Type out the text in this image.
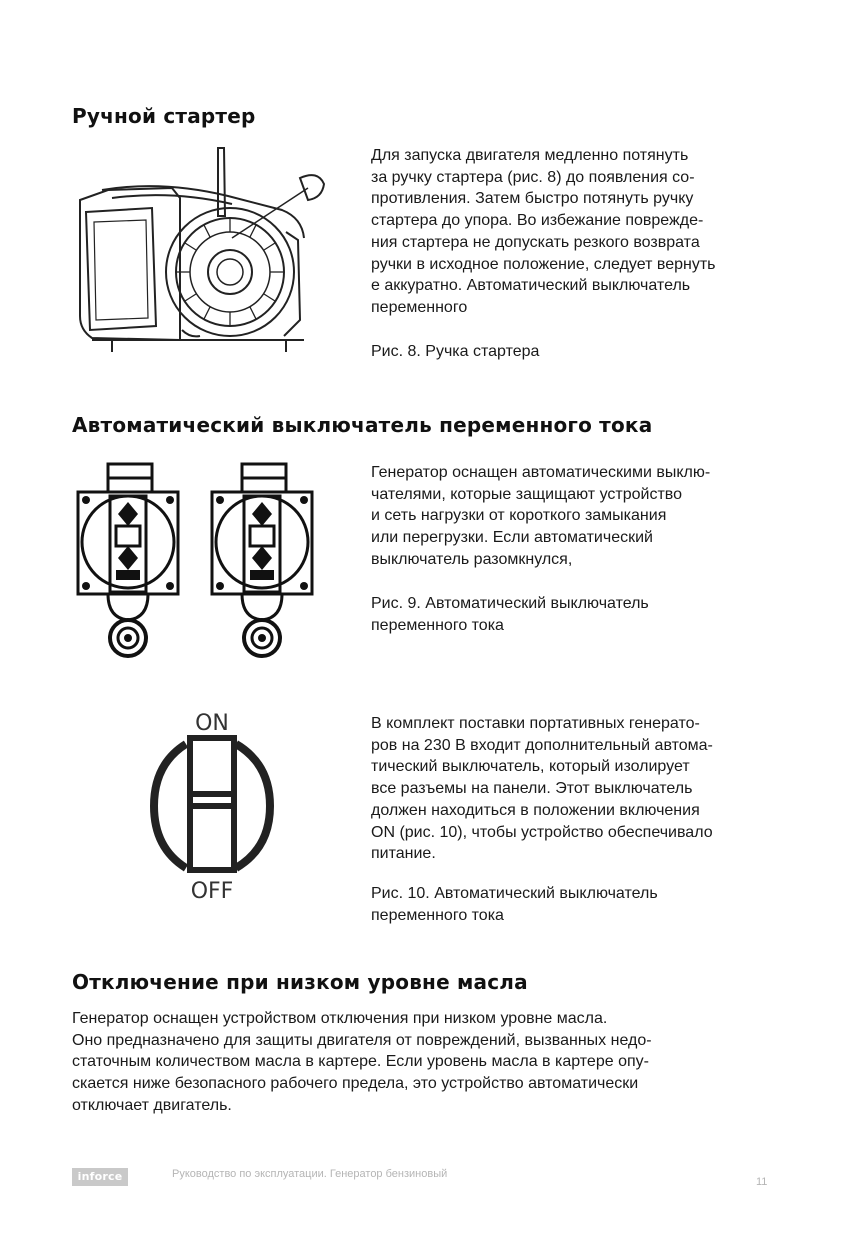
Ручной стартер
Для запуска двигателя медленно потянуть
за ручку стартера (рис. 8) до появления со-
противления. Затем быстро потянуть ручку
стартера до упора. Во избежание поврежде-
ния стартера не допускать резкого возврата
ручки в исходное положение, следует вернуть
е аккуратно. Автоматический выключатель
переменного
Рис. 8. Ручка стартера
Автоматический выключатель переменного тока
Генератор оснащен автоматическими выклю-
чателями, которые защищают устройство
и сеть нагрузки от короткого замыкания
или перегрузки. Если автоматический
выключатель разомкнулся,
Рис. 9. Автоматический выключатель
переменного тока
ON
OFF
В комплект поставки портативных генерато-
ров на 230 В входит дополнительный автома-
тический выключатель, который изолирует
все разъемы на панели. Этот выключатель
должен находиться в положении включения
ON (рис. 10), чтобы устройство обеспечивало
питание.
Рис. 10. Автоматический выключатель
переменного тока
Отключение при низком уровне масла
Генератор оснащен устройством отключения при низком уровне масла.
Оно предназначено для защиты двигателя от повреждений, вызванных недо-
статочным количеством масла в картере. Если уровень масла в картере опу-
скается ниже безопасного рабочего предела, это устройство автоматически
отключает двигатель.
inforce	Руководство по эксплуатации. Генератор бензиновый
11
